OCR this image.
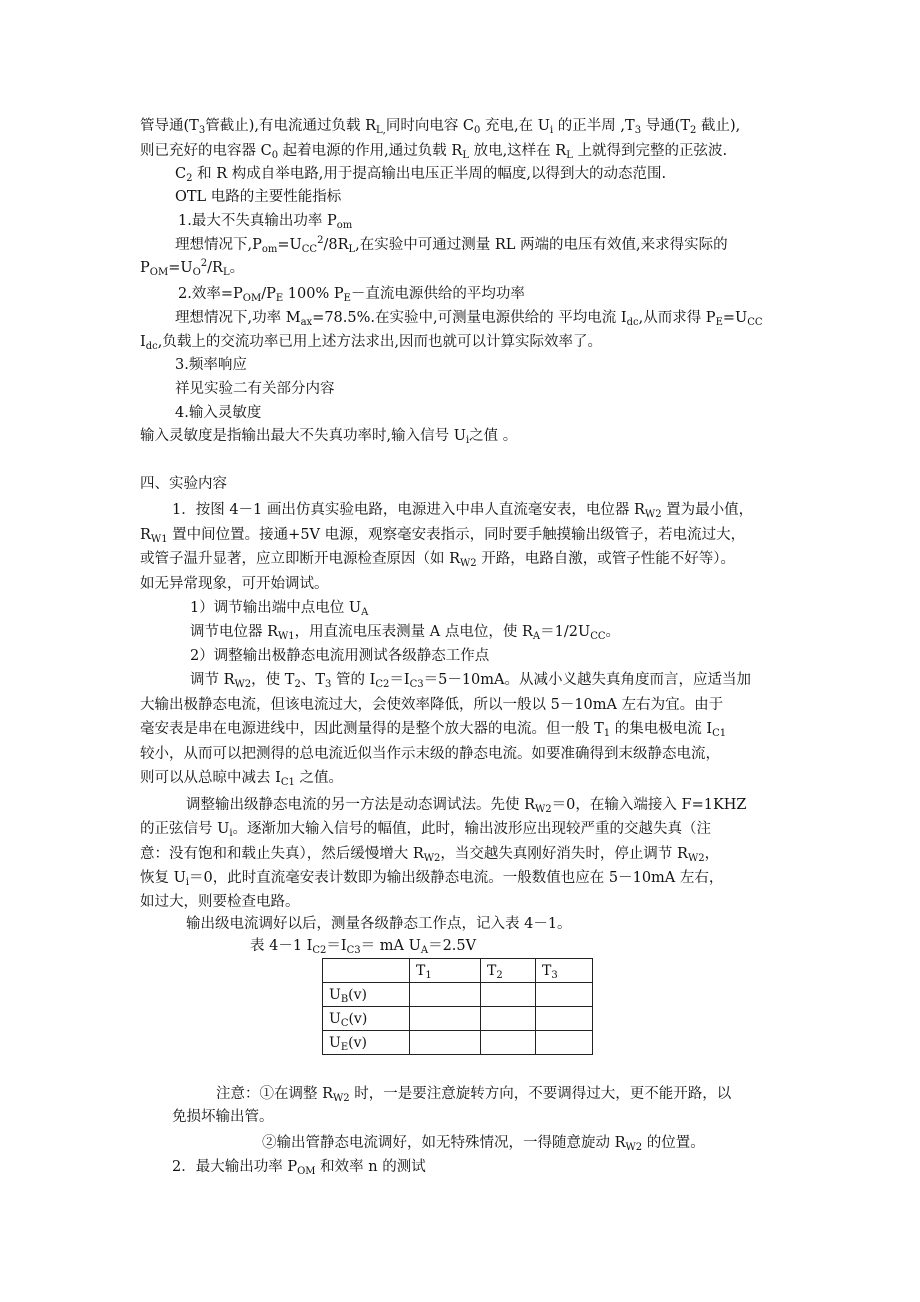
管导通($T_3$管截止),有电流通过负载 $R_{L,}$同时向电容 $C_0$ 充电,在 $U_i$ 的正半周 $,T_3$ 导通($T_2$ 截止),
则已充好的电容器 $C_0$ 起着电源的作用,通过负载 $R_L$ 放电,这样在 $R_L$ 上就得到完整的正弦波.
$C_2$ 和 R 构成自举电路,用于提高输出电压正半周的幅度,以得到大的动态范围.
OTL 电路的主要性能指标
1.最大不失真输出功率 $P_{om}$
理想情况下$,P_{om}=U_{CC}^2/8R_L$,在实验中可通过测量 RL 两端的电压有效值,来求得实际的
$P_{OM}=U_O^2/R_L$。
2.效率$=P_{OM}/P_E$ 100% $P_E-$直流电源供给的平均功率
理想情况下,功率 $M_{ax}=78.5\%$.在实验中,可测量电源供给的 平均电流 $I_{dc}$,从而求得 $P_E=U_{CC}$
$I_{dc}$,负载上的交流功率已用上述方法求出,因而也就可以计算实际效率了。
3.频率响应
祥见实验二有关部分内容
4.输入灵敏度
输入灵敏度是指输出最大不失真功率时,输入信号 $U_i$之值 。
四、实验内容
1．按图 4－1 画出仿真实验电路，电源进入中串人直流毫安表，电位器 $R_{W2}$ 置为最小值，
$R_{W1}$ 置中间位置。接通+5V 电源，观察毫安表指示，同时要手触摸输出级管子，若电流过大，
或管子温升显著，应立即断开电源检查原因（如 $R_{W2}$ 开路，电路自激，或管子性能不好等）。
如无异常现象，可开始调试。
1）调节输出端中点电位 $U_A$
调节电位器 $R_{W1}$，用直流电压表测量 A 点电位，使 $R_A=1/2U_{CC}$。
2）调整输出极静态电流用测试各级静态工作点
调节 $R_{W2}$，使 $T_2$、$T_3$ 管的 $I_{C2}=I_{C3}=5-10mA$。从减小义越失真角度而言，应适当加
大输出极静态电流，但该电流过大，会使效率降低，所以一般以 5－10mA 左右为宜。由于
毫安表是串在电源进线中，因此测量得的是整个放大器的电流。但一般 $T_1$ 的集电极电流 $I_{C1}$
较小，从而可以把测得的总电流近似当作示末级的静态电流。如要准确得到末级静态电流，
则可以从总晾中减去 $I_{C1}$ 之值。
调整输出级静态电流的另一方法是动态调试法。先使 $R_{W2}=0$，在输入端接入 F=1KHZ
的正弦信号 $U_i$。逐渐加大输入信号的幅值，此时，输出波形应出现较严重的交越失真（注
意：没有饱和和载止失真），然后缓慢增大 $R_{W2}$，当交越失真刚好消失时，停止调节 $R_{W2}$，
恢复 $U_i=0$，此时直流毫安表计数即为输出级静态电流。一般数值也应在 5－10mA 左右，
如过大，则要检查电路。
输出级电流调好以后，测量各级静态工作点，记入表 4－1。
表 4－1 $I_{C2}=I_{C3}=$ mA $U_A=2.5V$
	$T_1$	$T_2$	$T_3$
$U_B(v)$			
$U_C(v)$			
$U_E(v)$			
注意：①在调整 $R_{W2}$ 时，一是要注意旋转方向，不要调得过大，更不能开路，以
免损坏输出管。
②输出管静态电流调好，如无特殊情况，一得随意旋动 $R_{W2}$ 的位置。
2．最大输出功率 $P_{OM}$ 和效率 n 的测试
